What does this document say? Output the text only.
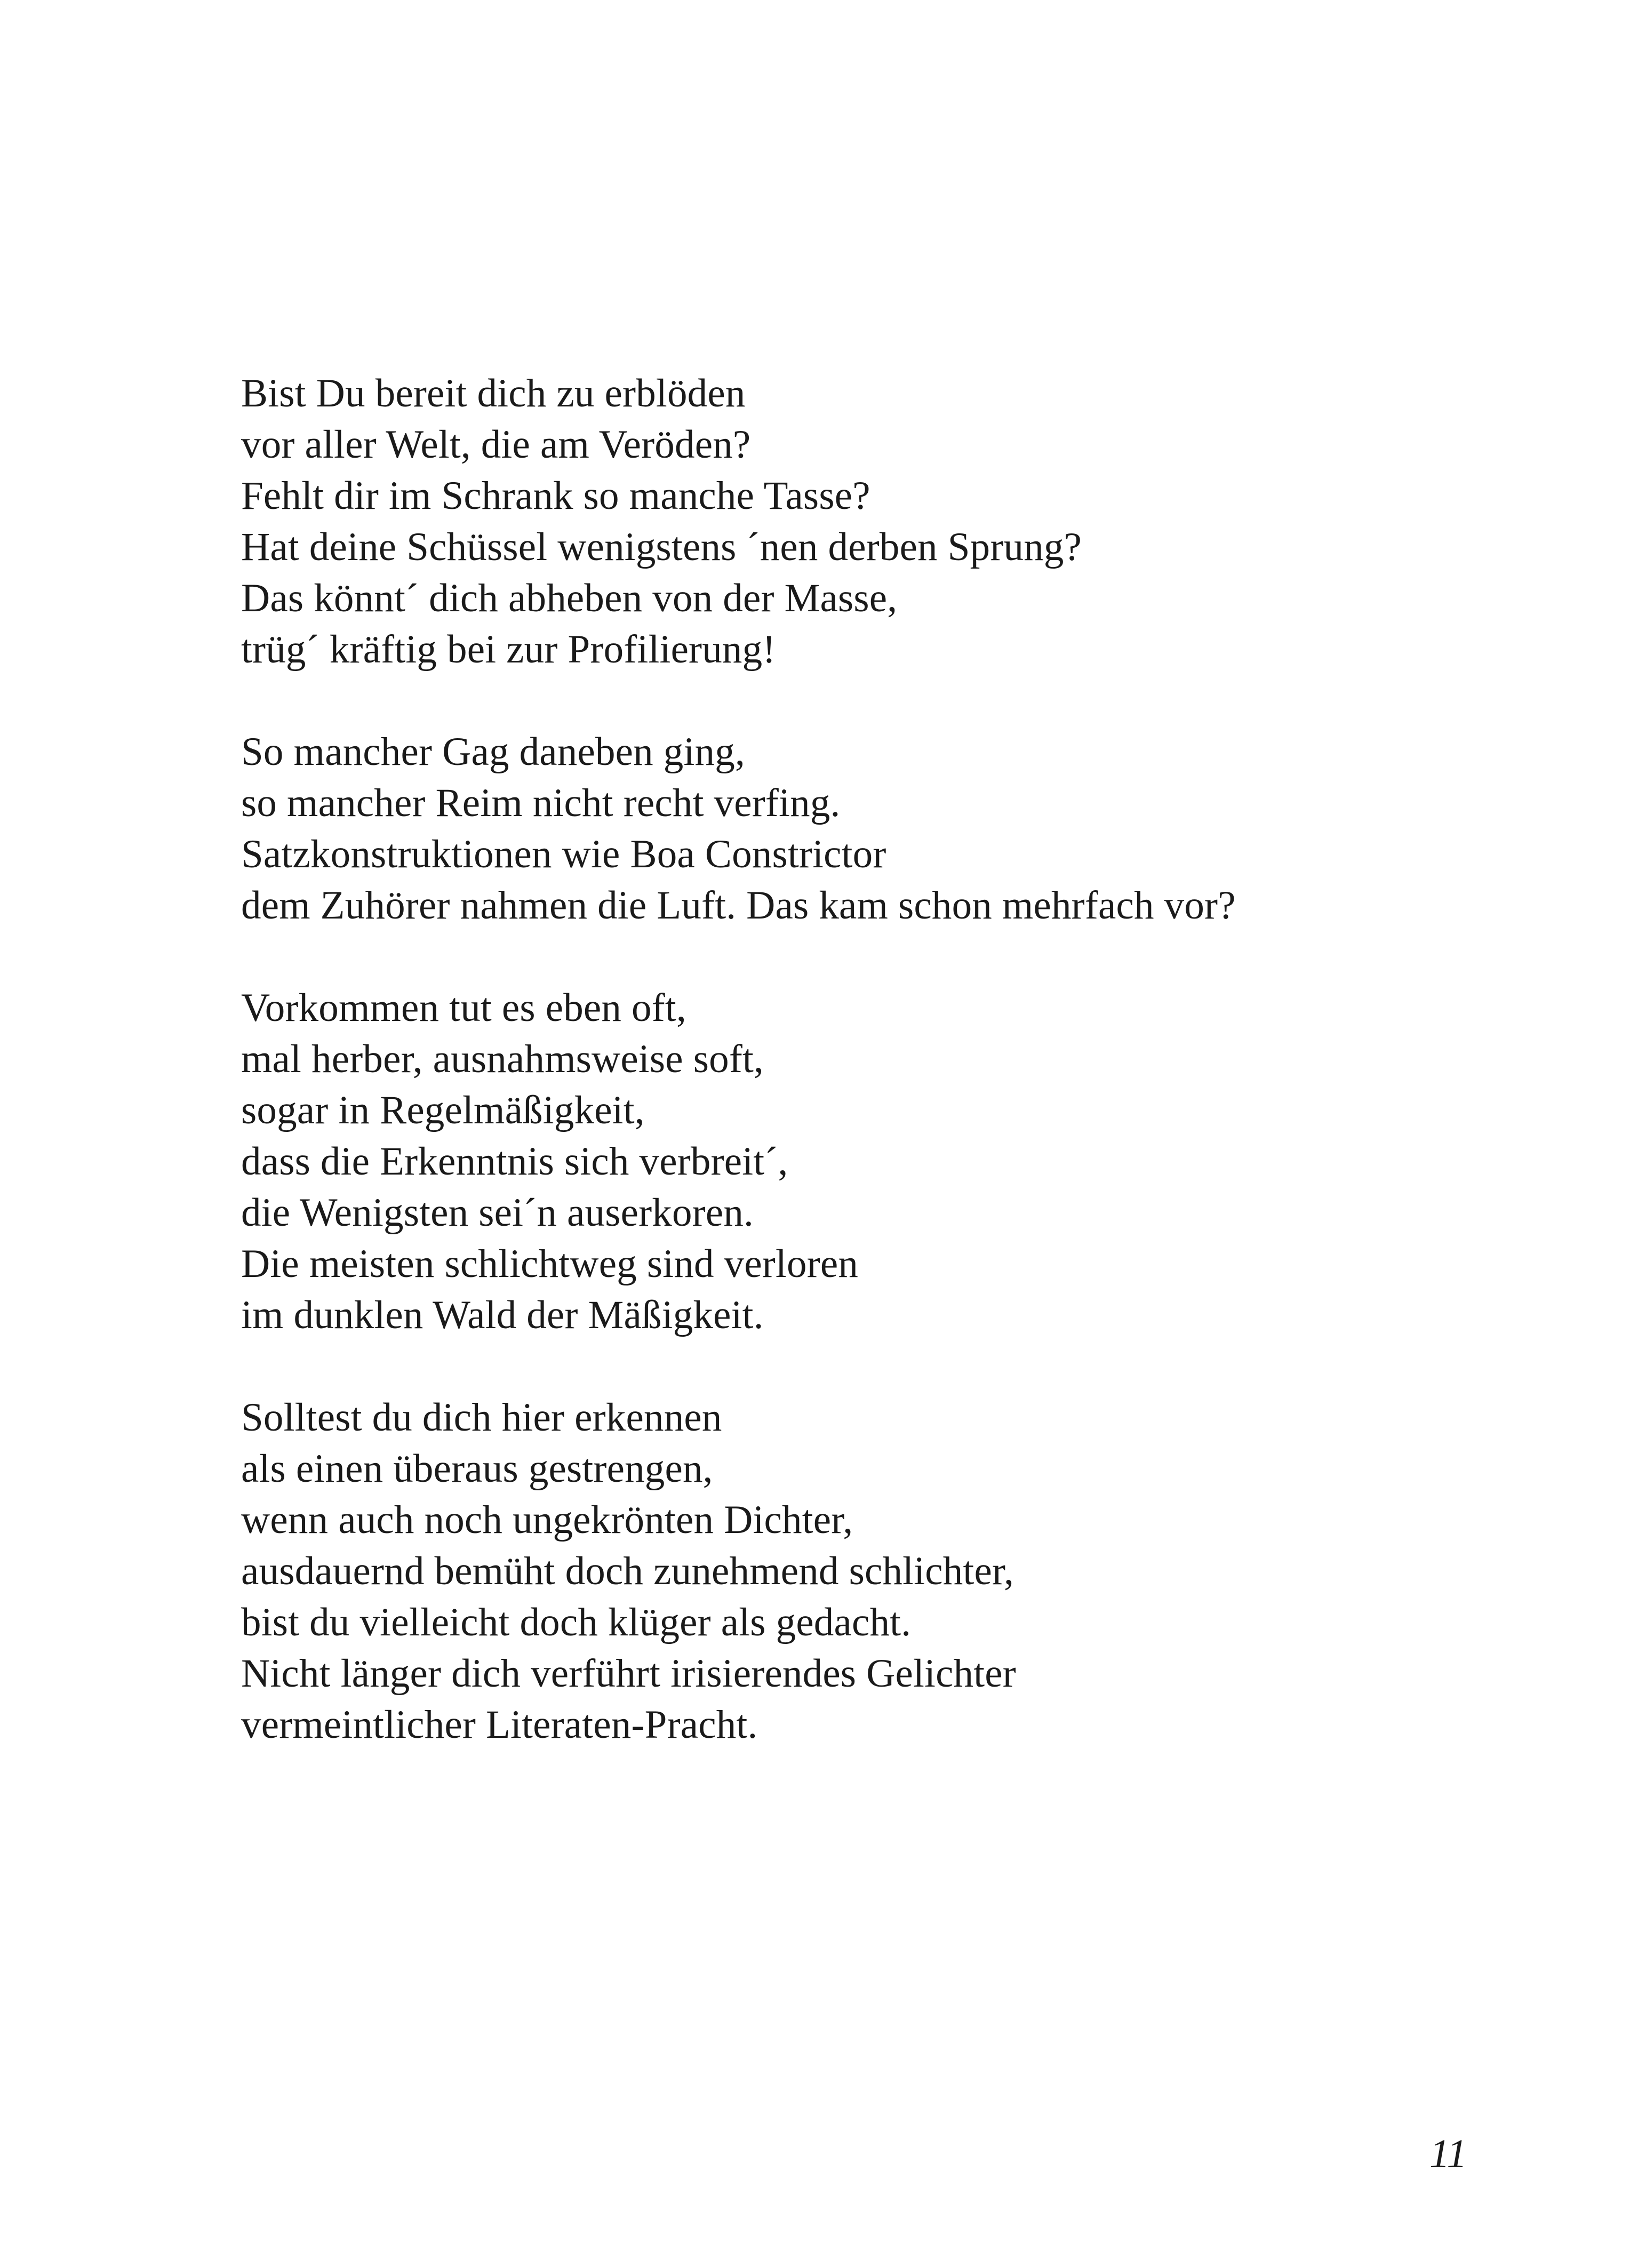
Bist Du bereit dich zu erblöden
vor aller Welt, die am Veröden?
Fehlt dir im Schrank so manche Tasse?
Hat deine Schüssel wenigstens ´nen derben Sprung?
Das könnt´ dich abheben von der Masse,
trüg´ kräftig bei zur Profilierung!
So mancher Gag daneben ging,
so mancher Reim nicht recht verfing.
Satzkonstruktionen wie Boa Constrictor
dem Zuhörer nahmen die Luft. Das kam schon mehrfach vor?
Vorkommen tut es eben oft,
mal herber, ausnahmsweise soft,
sogar in Regelmäßigkeit,
dass die Erkenntnis sich verbreit´,
die Wenigsten sei´n auserkoren.
Die meisten schlichtweg sind verloren
im dunklen Wald der Mäßigkeit.
Solltest du dich hier erkennen
als einen überaus gestrengen,
wenn auch noch ungekrönten Dichter,
ausdauernd bemüht doch zunehmend schlichter,
bist du vielleicht doch klüger als gedacht.
Nicht länger dich verführt irisierendes Gelichter
vermeintlicher Literaten-Pracht.
11
